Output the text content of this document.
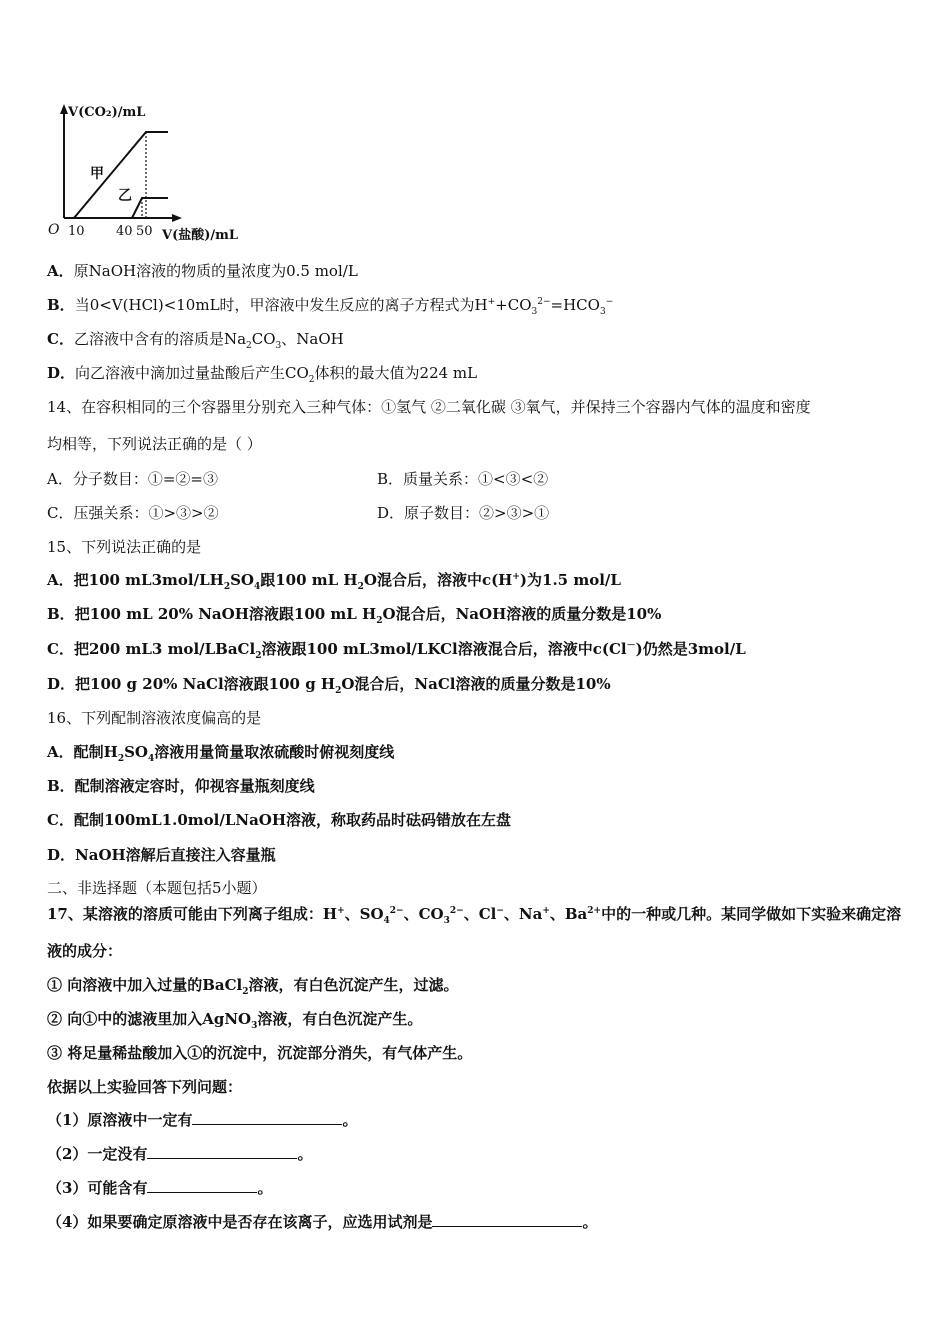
V(CO₂)/mL
V(盐酸)/mL
O
甲
乙
10 40 50
A．原NaOH溶液的物质的量浓度为0.5 mol/L
B．当0<V(HCl)<10mL时，甲溶液中发生反应的离子方程式为$H^++CO_3^{2-}=HCO_3^-$
C．乙溶液中含有的溶质是$Na_2CO_3$、NaOH
D．向乙溶液中滴加过量盐酸后产生$CO_2$体积的最大值为224 mL
14、在容积相同的三个容器里分别充入三种气体：①氢气 ②二氧化碳 ③氧气，并保持三个容器内气体的温度和密度
均相等，下列说法正确的是（ ）
A．分子数目：①=②=③	B．质量关系：①<③<②
C．压强关系：①>③>②	D．原子数目：②>③>①
15、下列说法正确的是
A．把100 $mL3mol/LH_2SO_4$跟100 mL $H_2O$混合后，溶液中c(H+)为1.5 mol/L
B．把100 mL 20% NaOH溶液跟100 mL $H_2O$混合后，NaOH溶液的质量分数是10%
C．把200 mL3 mol/LBaCl$_2$溶液跟100 mL3mol/LKCl溶液混合后，溶液中c(Cl－)仍然是3mol/L
D．把100 g 20% NaCl溶液跟100 g $H_2O$混合后，NaCl溶液的质量分数是10%
16、下列配制溶液浓度偏高的是
A．配制$H_2SO_4$溶液用量筒量取浓硫酸时俯视刻度线
B．配制溶液定容时，仰视容量瓶刻度线
C．配制100mL1.0mol/LNaOH溶液，称取药品时砝码错放在左盘
D．NaOH溶解后直接注入容量瓶
二、非选择题（本题包括5小题）
17、某溶液的溶质可能由下列离子组成：H+、$SO_4^{2-}$、$CO_3^{2-}$、Cl−、Na+、$Ba^{2+}$中的一种或几种。某同学做如下实验来确定溶
液的成分：
① 向溶液中加入过量的BaCl$_2$溶液，有白色沉淀产生，过滤。
② 向①中的滤液里加入AgNO$_3$溶液，有白色沉淀产生。
③ 将足量稀盐酸加入①的沉淀中，沉淀部分消失，有气体产生。
依据以上实验回答下列问题：
（1）原溶液中一定有	。
（2）一定没有	。
（3）可能含有	。
（4）如果要确定原溶液中是否存在该离子，应选用试剂是	。
